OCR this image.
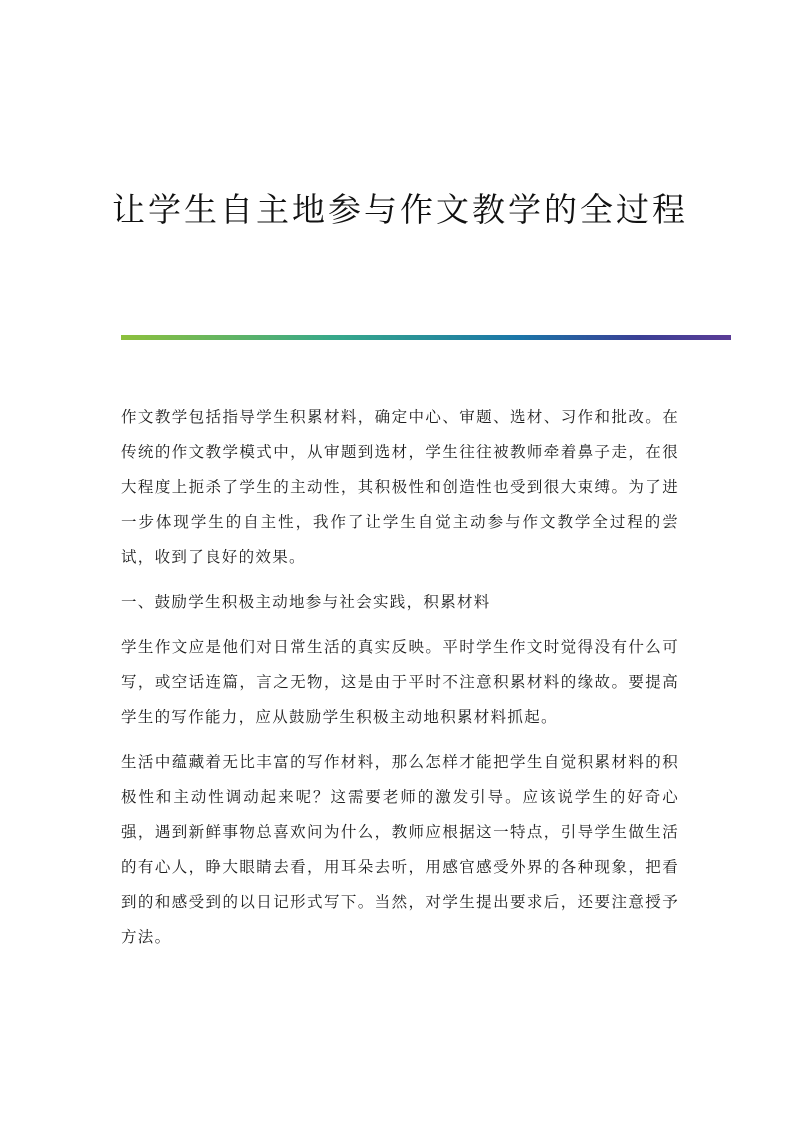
让学生自主地参与作文教学的全过程

作文教学包括指导学生积累材料，确定中心、审题、选材、习作和批改。在传统的作文教学模式中，从审题到选材，学生往往被教师牵着鼻子走，在很大程度上扼杀了学生的主动性，其积极性和创造性也受到很大束缚。为了进一步体现学生的自主性，我作了让学生自觉主动参与作文教学全过程的尝试，收到了良好的效果。

一、鼓励学生积极主动地参与社会实践，积累材料

学生作文应是他们对日常生活的真实反映。平时学生作文时觉得没有什么可写，或空话连篇，言之无物，这是由于平时不注意积累材料的缘故。要提高学生的写作能力，应从鼓励学生积极主动地积累材料抓起。

生活中蕴藏着无比丰富的写作材料，那么怎样才能把学生自觉积累材料的积极性和主动性调动起来呢？这需要老师的激发引导。应该说学生的好奇心强，遇到新鲜事物总喜欢问为什么，教师应根据这一特点，引导学生做生活的有心人，睁大眼睛去看，用耳朵去听，用感官感受外界的各种现象，把看到的和感受到的以日记形式写下。当然，对学生提出要求后，还要注意授予方法。
